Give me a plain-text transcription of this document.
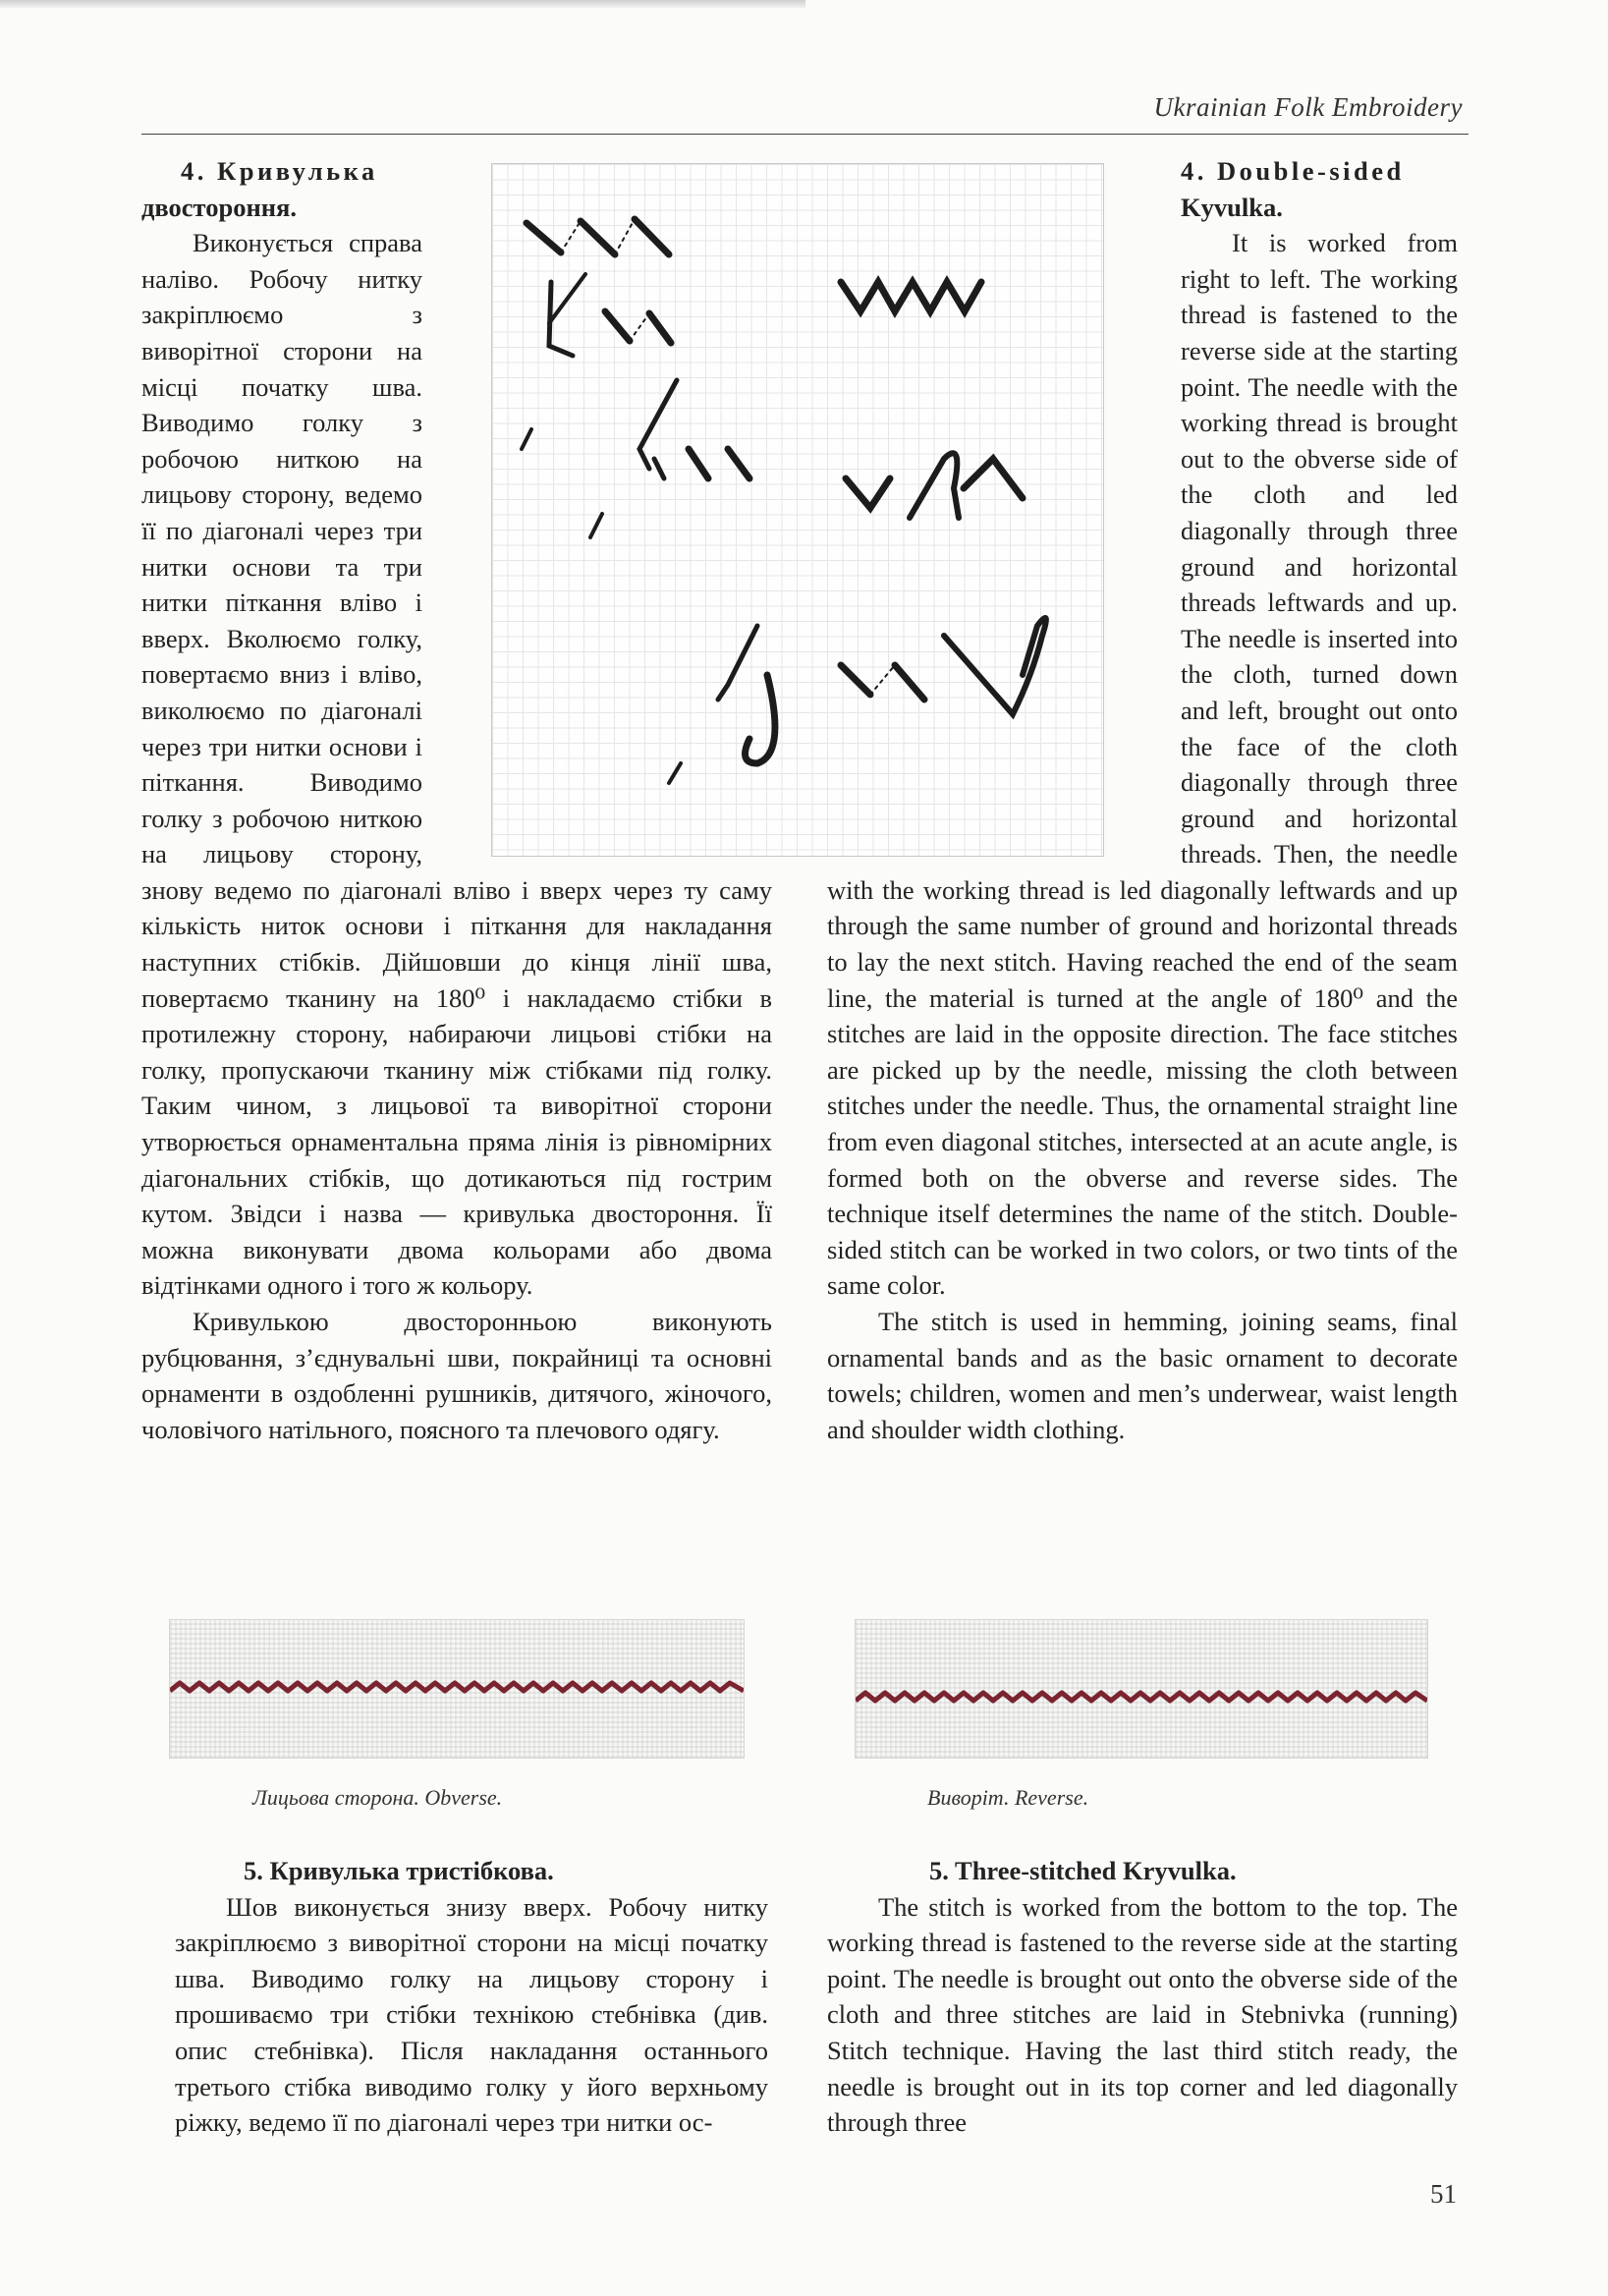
Ukrainian Folk Embroidery

4. Кривулька

двостороння.

Виконується справа наліво. Робочу нитку закріплюємо з виворітної сторони на місці початку шва. Виводимо голку з робочою ниткою на лицьову сторону, ведемо її по діагоналі через три нитки основи та три нитки піткання вліво і вверх. Вколюємо голку, повертаємо вниз і вліво, виколюємо по діагоналі через три нитки основи і піткання. Виводимо голку з робочою ниткою на лицьову сторону, знову ведемо по діагоналі вліво і вверх через ту саму кількість ниток основи і піткання для накладання наступних стібків. Дійшовши до кінця лінії шва, повертаємо тканину на 180⁰ і накладаємо стібки в протилежну сторону, набираючи лицьові стібки на голку, пропускаючи тканину між стібками під голку. Таким чином, з лицьової та виворітної сторони утворюється орнаментальна пряма лінія із рівномірних діагональних стібків, що дотикаються під гострим кутом. Звідси і назва — кривулька двостороння. Її можна виконувати двома кольорами або двома відтінками одного і того ж кольору.

Кривулькою двосторонньою виконують рубцювання, з’єднувальні шви, покрайниці та основні орнаменти в оздобленні рушників, дитячого, жіночого, чоловічого натільного, поясного та плечового одягу.

4. Double-sided

Kyvulka.

It is worked from right to left. The working thread is fastened to the reverse side at the starting point. The needle with the working thread is brought out to the obverse side of the cloth and led diagonally through three ground and horizontal threads leftwards and up. The needle is inserted into the cloth, turned down and left, brought out onto the face of the cloth diagonally through three ground and horizontal threads. Then, the needle with the working thread is led diagonally leftwards and up through the same number of ground and horizontal threads to lay the next stitch. Having reached the end of the seam line, the material is turned at the angle of 180⁰ and the stitches are laid in the opposite direction. The face stitches are picked up by the needle, missing the cloth between stitches under the needle. Thus, the ornamental straight line from even diagonal stitches, intersected at an acute angle, is formed both on the obverse and reverse sides. The technique itself determines the name of the stitch. Double-sided stitch can be worked in two colors, or two tints of the same color.

The stitch is used in hemming, joining seams, final ornamental bands and as the basic ornament to decorate towels; children, women and men’s underwear, waist length and shoulder width clothing.

Лицьова сторона. Obverse.	Виворіт. Reverse.

5. Кривулька тристібкова.

Шов виконується знизу вверх. Робочу нитку закріплюємо з виворітної сторони на місці початку шва. Виводимо голку на лицьову сторону і прошиваємо три стібки технікою стебнівка (див. опис стебнівка). Після накладання останнього третього стібка виводимо голку у його верхньому ріжку, ведемо її по діагоналі через три нитки ос-

5. Three-stitched Kryvulka.

The stitch is worked from the bottom to the top. The working thread is fastened to the reverse side at the starting point. The needle is brought out onto the obverse side of the cloth and three stitches are laid in Stebnivka (running) Stitch technique. Having the last third stitch ready, the needle is brought out in its top corner and led diagonally through three

51
